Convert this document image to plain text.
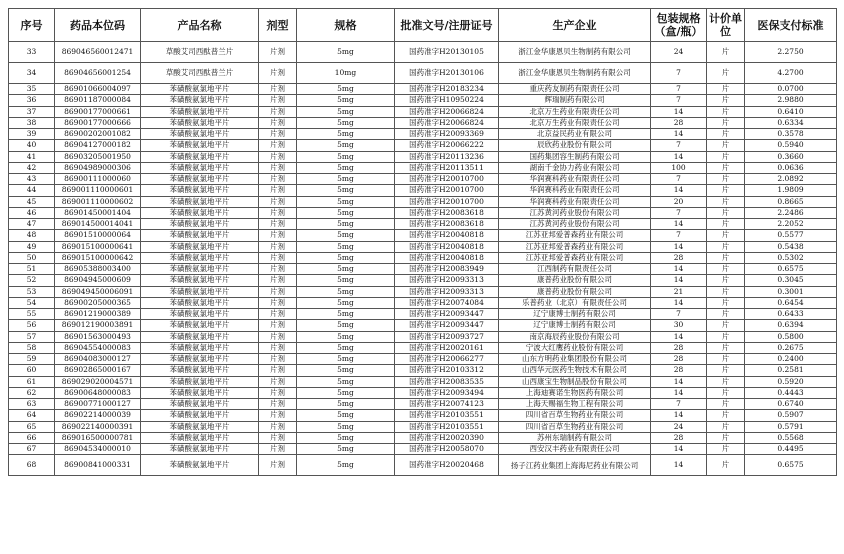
序号	药品本位码	产品名称	剂型	规格	批准文号/注册证号	生产企业	包装规格（盒/瓶）	计价单位	医保支付标准
33	86904656001247​1	草酸艾司西酞普兰片	片剂	5mg	国药准字H20130105	浙江金华康恩贝生物制药有限公司	24	片	2.2750
34	86904656001254	草酸艾司西酞普兰片	片剂	10mg	国药准字H20130106	浙江金华康恩贝生物制药有限公司	7	片	4.2700
35	86901066004097	苯磺酸氨氯地平片	片剂	5mg	国药准字H20183234	重庆药友制药有限责任公司	7	片	0.0700
36	86901187000084	苯磺酸氨氯地平片	片剂	5mg	国药准字H10950224	辉瑞制药有限公司	7	片	2.9880
37	86900177000661	苯磺酸氨氯地平片	片剂	5mg	国药准字H20066824	北京万生药业有限责任公司	14	片	0.6410
38	86900177000666	苯磺酸氨氯地平片	片剂	5mg	国药准字H20066824	北京万生药业有限责任公司	28	片	0.6334
39	86900202001082	苯磺酸氨氯地平片	片剂	5mg	国药准字H20093369	北京益民药业有限公司	14	片	0.3578
40	86904127000182	苯磺酸氨氯地平片	片剂	5mg	国药准字H20066222	辰欣药业股份有限公司	7	片	0.5940
41	86903205001950	苯磺酸氨氯地平片	片剂	5mg	国药准字H20113236	国药集团容生制药有限公司	14	片	0.3660
42	86904989000306	苯磺酸氨氯地平片	片剂	5mg	国药准字H20113511	湖南千金协力药业有限公司	100	片	0.0636
43	86900111000060	苯磺酸氨氯地平片	片剂	5mg	国药准字H20010700	华润赛科药业有限责任公司	7	片	2.0892
44	869001110000601	苯磺酸氨氯地平片	片剂	5mg	国药准字H20010700	华润赛科药业有限责任公司	14	片	1.9809
45	869001110000602	苯磺酸氨氯地平片	片剂	5mg	国药准字H20010700	华润赛科药业有限责任公司	20	片	0.8665
46	86901450001404	苯磺酸氨氯地平片	片剂	5mg	国药准字H20083618	江苏黄河药业股份有限公司	7	片	2.2486
47	869014500014041	苯磺酸氨氯地平片	片剂	5mg	国药准字H20083618	江苏黄河药业股份有限公司	14	片	2.2052
48	86901510000064	苯磺酸氨氯地平片	片剂	5mg	国药准字H20040818	江苏亚邦爱普森药业有限公司	7	片	0.5577
49	869015100000641	苯磺酸氨氯地平片	片剂	5mg	国药准字H20040818	江苏亚邦爱普森药业有限公司	14	片	0.5438
50	869015100000642	苯磺酸氨氯地平片	片剂	5mg	国药准字H20040818	江苏亚邦爱普森药业有限公司	28	片	0.5302
51	86905388003400	苯磺酸氨氯地平片	片剂	5mg	国药准字H20083949	江西制药有限责任公司	14	片	0.6575
52	86904945000609	苯磺酸氨氯地平片	片剂	5mg	国药准字H20093313	康普药业股份有限公司	14	片	0.3045
53	869049450006091	苯磺酸氨氯地平片	片剂	5mg	国药准字H20093313	康普药业股份有限公司	21	片	0.3001
54	86900205000365	苯磺酸氨氯地平片	片剂	5mg	国药准字H20074084	乐普药业（北京）有限责任公司	14	片	0.6454
55	86901219000389	苯磺酸氨氯地平片	片剂	5mg	国药准字H20093447	辽宁康博士制药有限公司	7	片	0.6433
56	869012190003891	苯磺酸氨氯地平片	片剂	5mg	国药准字H20093447	辽宁康博士制药有限公司	30	片	0.6394
57	86901563000493	苯磺酸氨氯地平片	片剂	5mg	国药准字H20093727	南京海辰药业股份有限公司	14	片	0.5800
58	86904554000083	苯磺酸氨氯地平片	片剂	5mg	国药准字H20020161	宁波大红鹰药业股份有限公司	28	片	0.2675
59	86904083000127	苯磺酸氨氯地平片	片剂	5mg	国药准字H20066277	山东方明药业集团股份有限公司	28	片	0.2400
60	86902865000167	苯磺酸氨氯地平片	片剂	5mg	国药准字H20103312	山西华元医药生物技术有限公司	28	片	0.2581
61	869029020004571	苯磺酸氨氯地平片	片剂	5mg	国药准字H20083535	山西康宝生物制品股份有限公司	14	片	0.5920
62	86900648000083	苯磺酸氨氯地平片	片剂	5mg	国药准字H20093494	上海迪赛诺生物医药有限公司	14	片	0.4443
63	86900771000127	苯磺酸氨氯地平片	片剂	5mg	国药准字H20074123	上海天赐福生物工程有限公司	7	片	0.6740
64	86902214000039	苯磺酸氨氯地平片	片剂	5mg	国药准字H20103551	四川省百草生物药业有限公司	14	片	0.5907
65	869022140000391	苯磺酸氨氯地平片	片剂	5mg	国药准字H20103551	四川省百草生物药业有限公司	24	片	0.5791
66	869016500000781	苯磺酸氨氯地平片	片剂	5mg	国药准字H20020390	苏州东瑞制药有限公司	28	片	0.5568
67	86904534000010	苯磺酸氨氯地平片	片剂	5mg	国药准字H20058070	西安汉丰药业有限责任公司	14	片	0.4495
68	86900841000331	苯磺酸氨氯地平片	片剂	5mg	国药准字H20020468	扬子江药业集团上海海尼药业有限公司	14	片	0.6575
